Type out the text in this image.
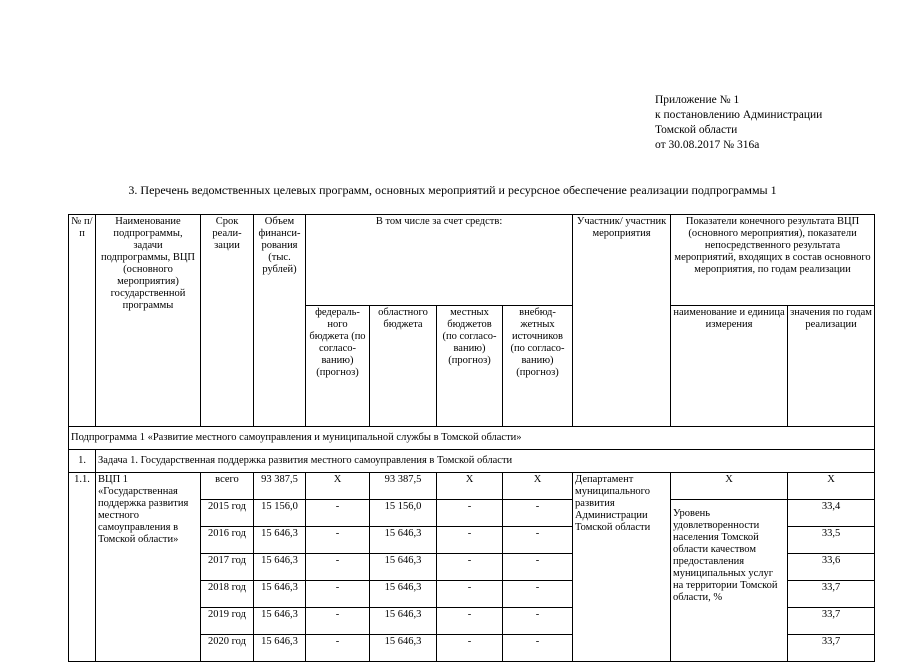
Приложение № 1
к постановлению Администрации
Томской области
от 30.08.2017 № 316а
3. Перечень ведомственных целевых программ, основных мероприятий и ресурсное обеспечение реализации подпрограммы 1
№ п/п	Наименование подпрограммы, задачи подпрограммы, ВЦП (основного мероприятия) государственной программы	Срок реали-зации	Объем финанси-рования (тыс. рублей)	В том числе за счет средств:				Участник/ участник мероприятия	Показатели конечного результата ВЦП (основного мероприятия), показатели непосредственного результата мероприятий, входящих в состав основного мероприятия, по годам реализации	
				федераль-ного бюджета (по согласо-ванию) (прогноз)	областного бюджета	местных бюджетов (по согласо-ванию) (прогноз)	внебюд-жетных источников (по согласо-ванию) (прогноз)		наименование и единица измерения	значения по годам реализации
Подпрограмма 1 «Развитие местного самоуправления и муниципальной службы в Томской области»										
1.	Задача 1. Государственная поддержка развития местного самоуправления в Томской области									
1.1.	ВЦП 1 «Государственная поддержка развития местного самоуправления в Томской области»	всего	93 387,5	Х	93 387,5	Х	Х	Департамент муниципального развития Администрации Томской области	Х	Х
		2015 год	15 156,0	-	15 156,0	-	-		Уровень удовлетворенности населения Томской области качеством предоставления муниципальных услуг на территории Томской области, %	33,4
		2016 год	15 646,3	-	15 646,3	-	-			33,5
		2017 год	15 646,3	-	15 646,3	-	-			33,6
		2018 год	15 646,3	-	15 646,3	-	-			33,7
		2019 год	15 646,3	-	15 646,3	-	-			33,7
		2020 год	15 646,3	-	15 646,3	-	-			33,7
